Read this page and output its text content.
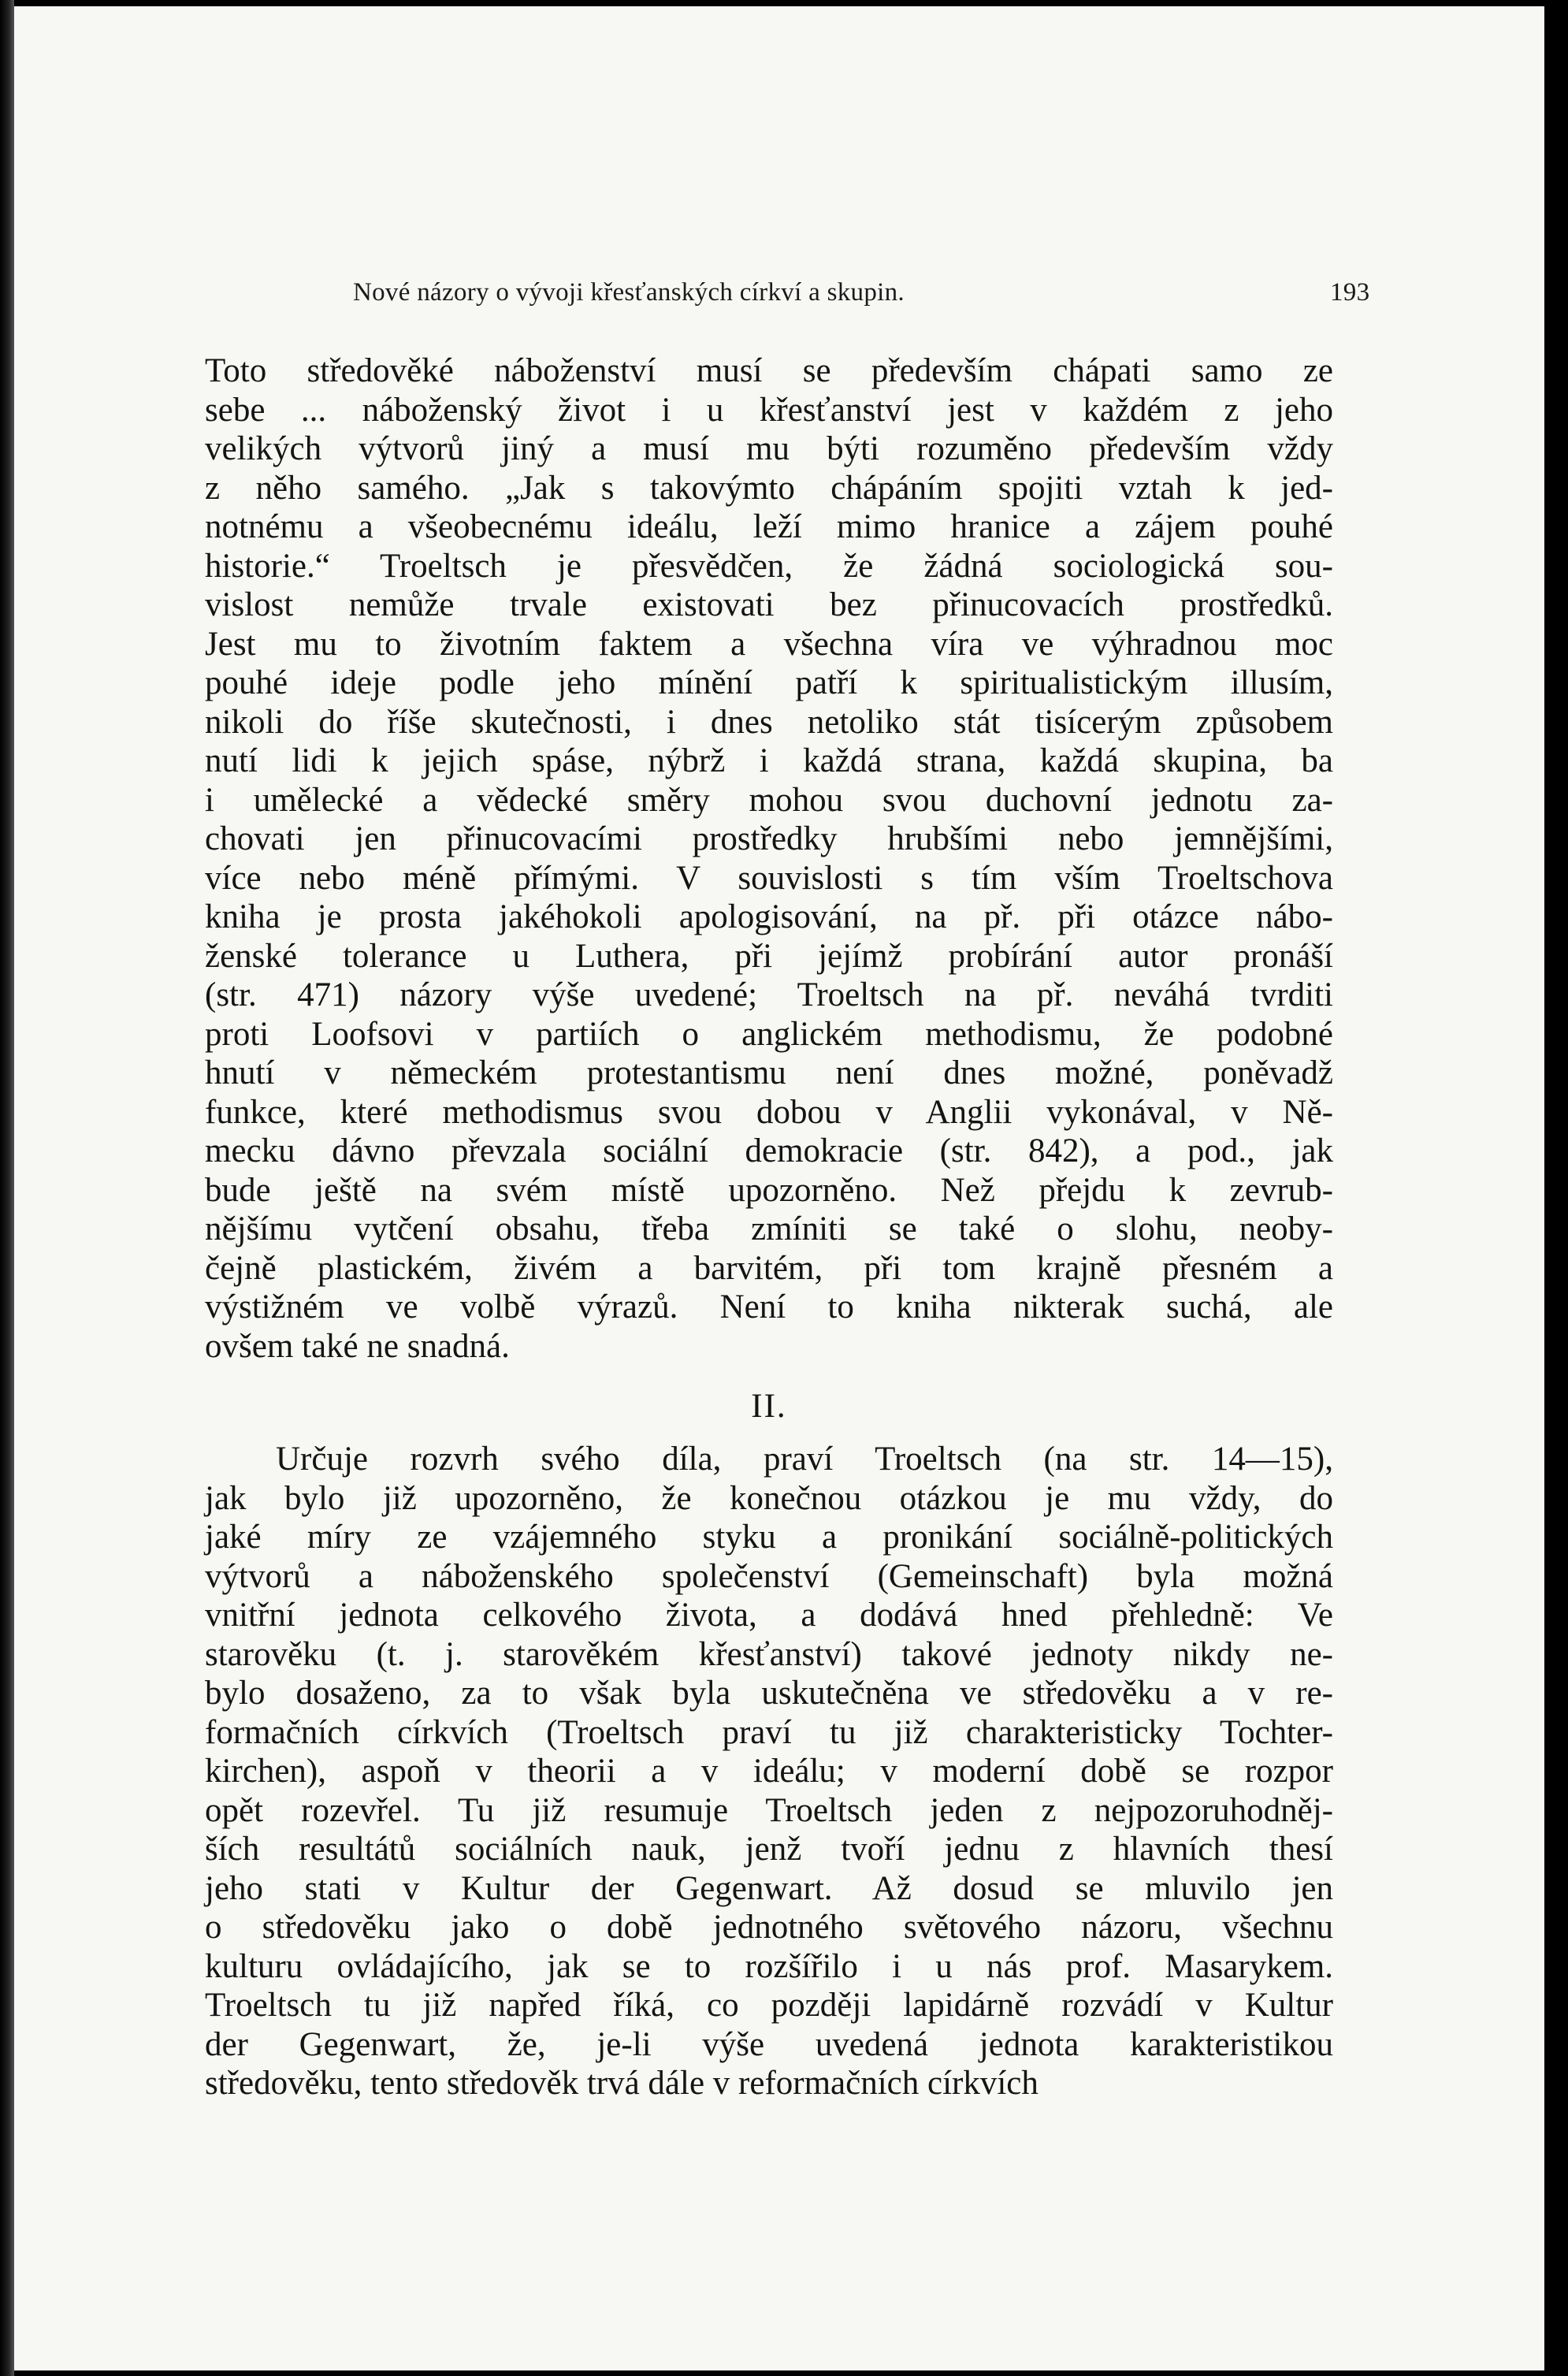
Nové názory o vývoji křesťanských církví a skupin.	193
Toto středověké náboženství musí se především chápati samo ze
sebe ... náboženský život i u křesťanství jest v každém z jeho
velikých výtvorů jiný a musí mu býti rozuměno především vždy
z něho samého. „Jak s takovýmto chápáním spojiti vztah k jed-
notnému a všeobecnému ideálu, leží mimo hranice a zájem pouhé
historie.“ Troeltsch je přesvědčen, že žádná sociologická sou-
vislost nemůže trvale existovati bez přinucovacích prostředků.
Jest mu to životním faktem a všechna víra ve výhradnou moc
pouhé ideje podle jeho mínění patří k spiritualistickým illusím,
nikoli do říše skutečnosti, i dnes netoliko stát tisícerým způsobem
nutí lidi k jejich spáse, nýbrž i každá strana, každá skupina, ba
i umělecké a vědecké směry mohou svou duchovní jednotu za-
chovati jen přinucovacími prostředky hrubšími nebo jemnějšími,
více nebo méně přímými. V souvislosti s tím vším Troeltschova
kniha je prosta jakéhokoli apologisování, na př. při otázce nábo-
ženské tolerance u Luthera, při jejímž probírání autor pronáší
(str. 471) názory výše uvedené; Troeltsch na př. neváhá tvrditi
proti Loofsovi v partiích o anglickém methodismu, že podobné
hnutí v německém protestantismu není dnes možné, poněvadž
funkce, které methodismus svou dobou v Anglii vykonával, v Ně-
mecku dávno převzala sociální demokracie (str. 842), a pod., jak
bude ještě na svém místě upozorněno. Než přejdu k zevrub-
nějšímu vytčení obsahu, třeba zmíniti se také o slohu, neoby-
čejně plastickém, živém a barvitém, při tom krajně přesném a
výstižném ve volbě výrazů. Není to kniha nikterak suchá, ale
ovšem také ne snadná.
II.
Určuje rozvrh svého díla, praví Troeltsch (na str. 14—15),
jak bylo již upozorněno, že konečnou otázkou je mu vždy, do
jaké míry ze vzájemného styku a pronikání sociálně-politických
výtvorů a náboženského společenství (Gemeinschaft) byla možná
vnitřní jednota celkového života, a dodává hned přehledně: Ve
starověku (t. j. starověkém křesťanství) takové jednoty nikdy ne-
bylo dosaženo, za to však byla uskutečněna ve středověku a v re-
formačních církvích (Troeltsch praví tu již charakteristicky Tochter-
kirchen), aspoň v theorii a v ideálu; v moderní době se rozpor
opět rozevřel. Tu již resumuje Troeltsch jeden z nejpozoruhodněj-
ších resultátů sociálních nauk, jenž tvoří jednu z hlavních thesí
jeho stati v Kultur der Gegenwart. Až dosud se mluvilo jen
o středověku jako o době jednotného světového názoru, všechnu
kulturu ovládajícího, jak se to rozšířilo i u nás prof. Masarykem.
Troeltsch tu již napřed říká, co později lapidárně rozvádí v Kultur
der Gegenwart, že, je-li výše uvedená jednota karakteristikou
středověku, tento středověk trvá dále v reformačních církvích
